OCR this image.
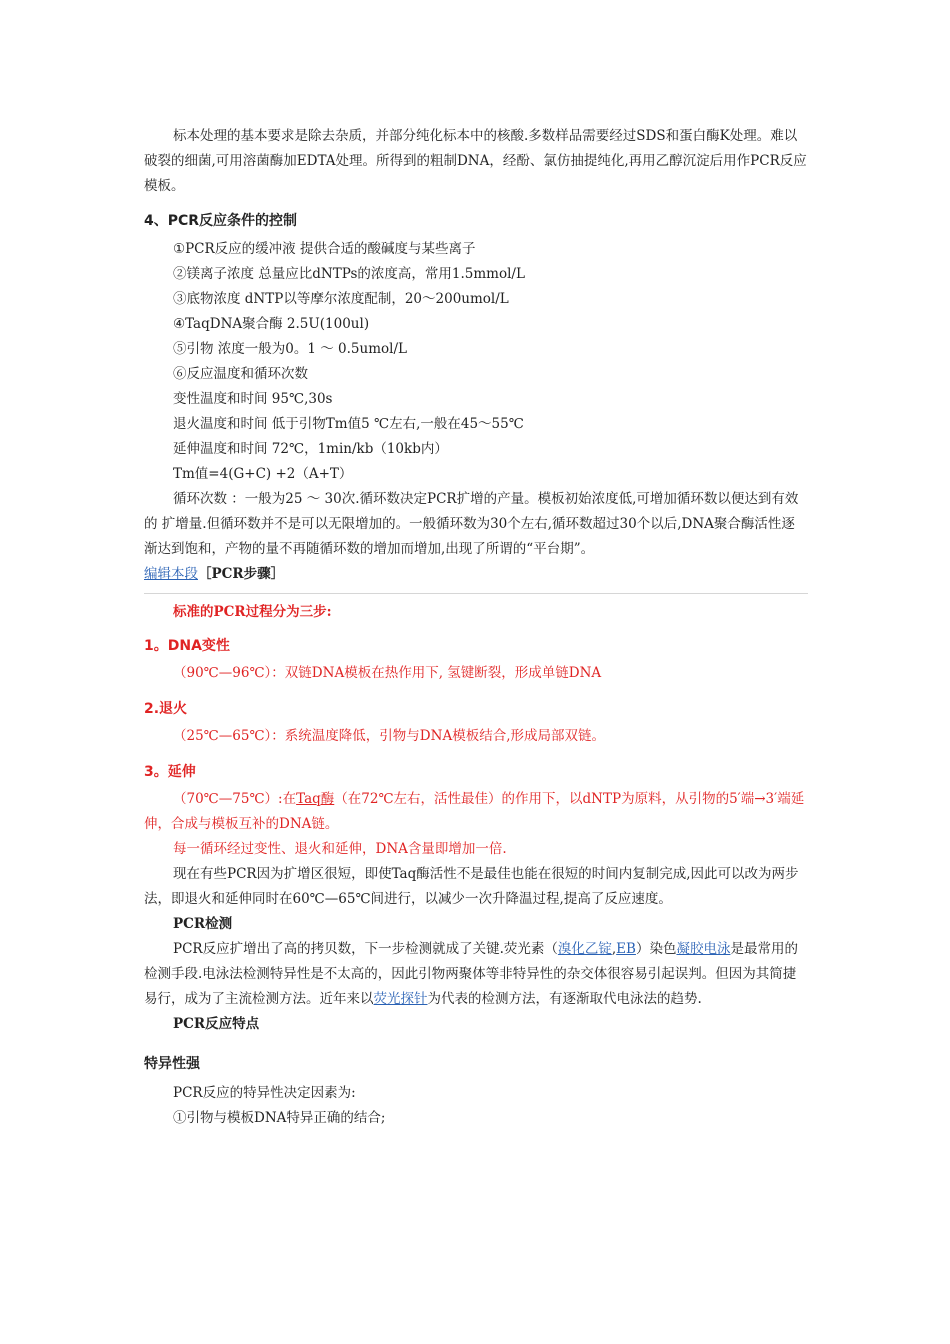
标本处理的基本要求是除去杂质，并部分纯化标本中的核酸.多数样品需要经过SDS和蛋白酶K处理。难以破裂的细菌,可用溶菌酶加EDTA处理。所得到的粗制DNA，经酚、氯仿抽提纯化,再用乙醇沉淀后用作PCR反应模板。

4、PCR反应条件的控制

①PCR反应的缓冲液 提供合适的酸碱度与某些离子

②镁离子浓度 总量应比dNTPs的浓度高，常用1.5mmol/L

③底物浓度 dNTP以等摩尔浓度配制，20～200umol/L

④TaqDNA聚合酶 2.5U(100ul)

⑤引物 浓度一般为0。1 ～ 0.5umol/L

⑥反应温度和循环次数

变性温度和时间 95℃,30s

退火温度和时间 低于引物Tm值5 ℃左右,一般在45～55℃

延伸温度和时间 72℃，1min/kb（10kb内）

Tm值=4(G+C) +2（A+T）

循环次数 ：一般为25 ～ 30次.循环数决定PCR扩增的产量。模板初始浓度低,可增加循环数以便达到有效的 扩增量.但循环数并不是可以无限增加的。一般循环数为30个左右,循环数超过30个以后,DNA聚合酶活性逐渐达到饱和，产物的量不再随循环数的增加而增加,出现了所谓的“平台期”。

编辑本段［PCR步骤］

标准的PCR过程分为三步:

1。DNA变性

（90℃—96℃）：双链DNA模板在热作用下, 氢键断裂，形成单链DNA

2.退火

（25℃—65℃）：系统温度降低，引物与DNA模板结合,形成局部双链。

3。延伸

（70℃—75℃）:在Taq酶（在72℃左右，活性最佳）的作用下，以dNTP为原料，从引物的5′端→3′端延伸，合成与模板互补的DNA链。

每一循环经过变性、退火和延伸，DNA含量即增加一倍.

现在有些PCR因为扩增区很短，即使Taq酶活性不是最佳也能在很短的时间内复制完成,因此可以改为两步法，即退火和延伸同时在60℃—65℃间进行，以减少一次升降温过程,提高了反应速度。

PCR检测

PCR反应扩增出了高的拷贝数，下一步检测就成了关键.荧光素（溴化乙锭,EB）染色凝胶电泳是最常用的检测手段.电泳法检测特异性是不太高的，因此引物两聚体等非特异性的杂交体很容易引起误判。但因为其简捷易行，成为了主流检测方法。近年来以荧光探针为代表的检测方法，有逐渐取代电泳法的趋势.

PCR反应特点

特异性强

PCR反应的特异性决定因素为:

①引物与模板DNA特异正确的结合;
